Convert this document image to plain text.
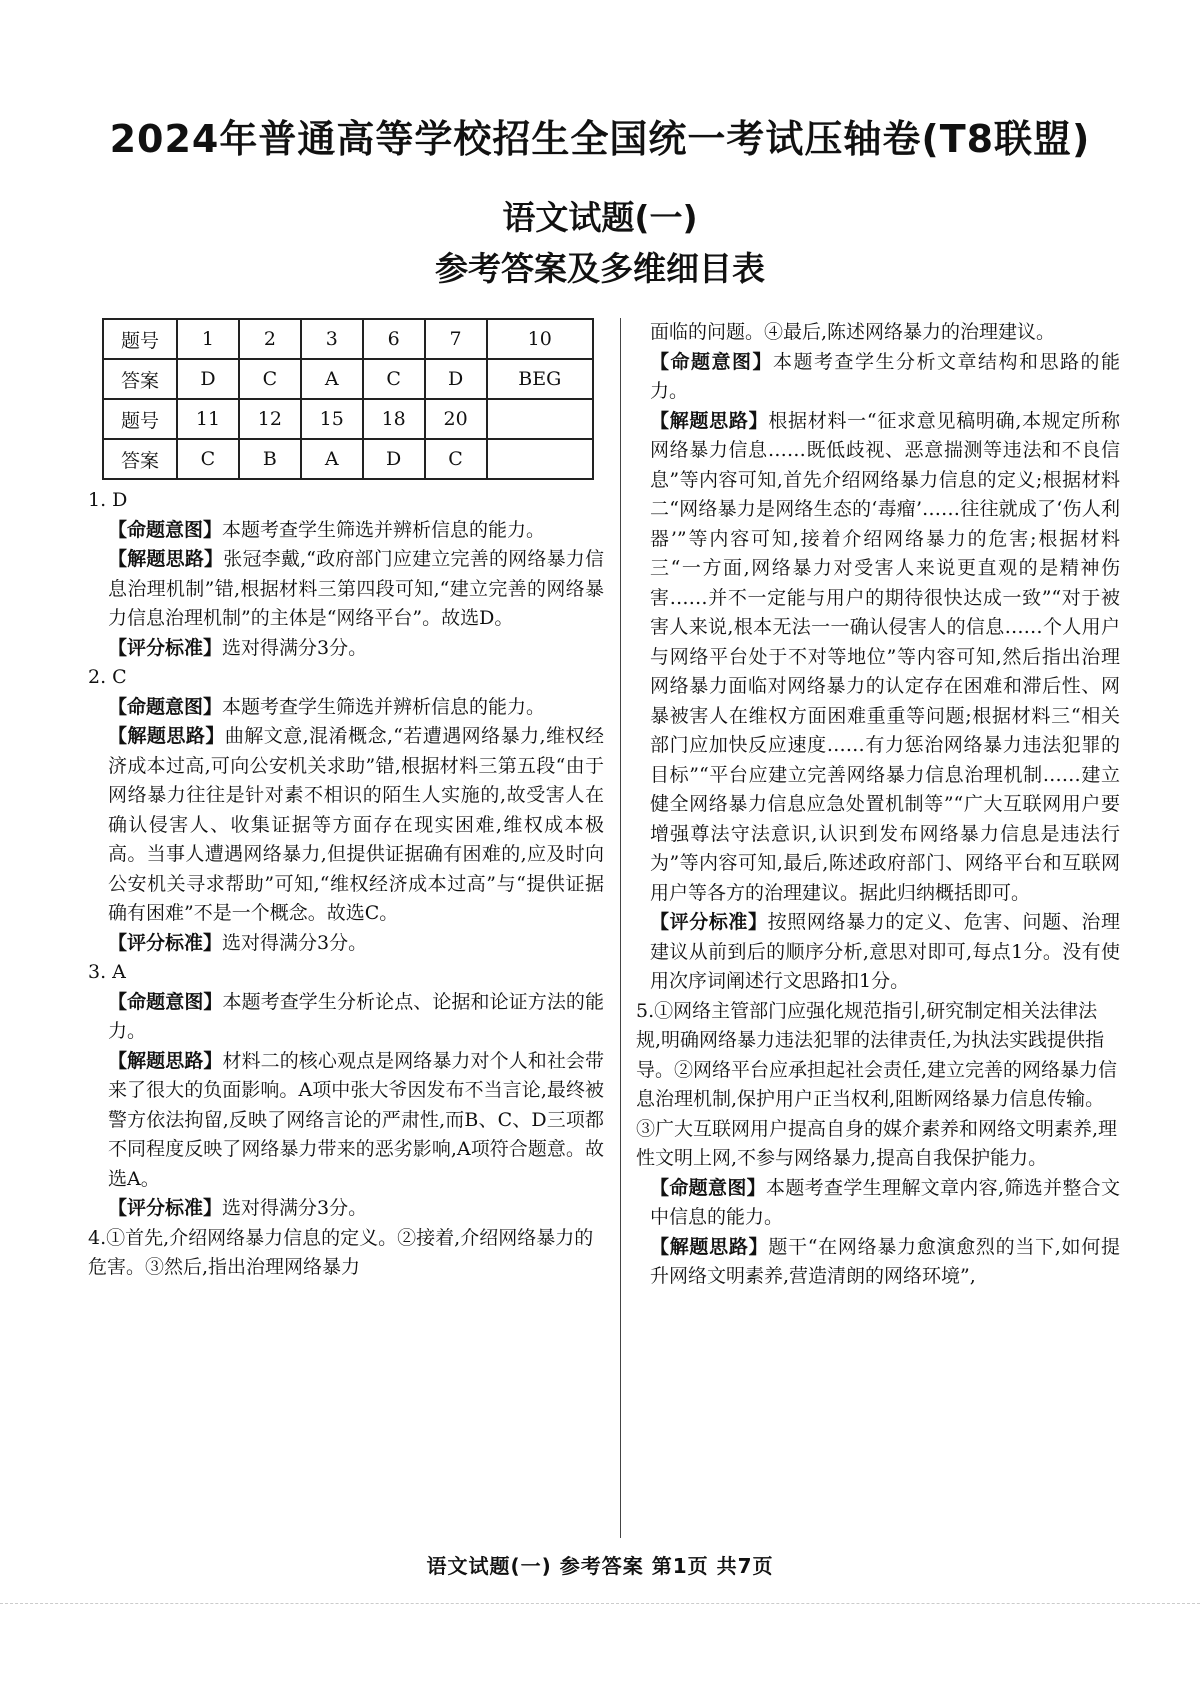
2024年普通高等学校招生全国统一考试压轴卷(T8联盟)
语文试题(一)
参考答案及多维细目表
题号	1	2	3	6	7	10
答案	D	C	A	C	D	BEG
题号	11	12	15	18	20	
答案	C	B	A	D	C	

1. D

【命题意图】本题考查学生筛选并辨析信息的能力。

【解题思路】张冠李戴,“政府部门应建立完善的网络暴力信息治理机制”错,根据材料三第四段可知,“建立完善的网络暴力信息治理机制”的主体是“网络平台”。故选D。

【评分标准】选对得满分3分。

2. C

【命题意图】本题考查学生筛选并辨析信息的能力。

【解题思路】曲解文意,混淆概念,“若遭遇网络暴力,维权经济成本过高,可向公安机关求助”错,根据材料三第五段“由于网络暴力往往是针对素不相识的陌生人实施的,故受害人在确认侵害人、收集证据等方面存在现实困难,维权成本极高。当事人遭遇网络暴力,但提供证据确有困难的,应及时向公安机关寻求帮助”可知,“维权经济成本过高”与“提供证据确有困难”不是一个概念。故选C。

【评分标准】选对得满分3分。

3. A

【命题意图】本题考查学生分析论点、论据和论证方法的能力。

【解题思路】材料二的核心观点是网络暴力对个人和社会带来了很大的负面影响。A项中张大爷因发布不当言论,最终被警方依法拘留,反映了网络言论的严肃性,而B、C、D三项都不同程度反映了网络暴力带来的恶劣影响,A项符合题意。故选A。

【评分标准】选对得满分3分。

4.①首先,介绍网络暴力信息的定义。②接着,介绍网络暴力的危害。③然后,指出治理网络暴力

面临的问题。④最后,陈述网络暴力的治理建议。

【命题意图】本题考查学生分析文章结构和思路的能力。

【解题思路】根据材料一“征求意见稿明确,本规定所称网络暴力信息……既低歧视、恶意揣测等违法和不良信息”等内容可知,首先介绍网络暴力信息的定义;根据材料二“网络暴力是网络生态的‘毒瘤’……往往就成了‘伤人利器’”等内容可知,接着介绍网络暴力的危害;根据材料三“一方面,网络暴力对受害人来说更直观的是精神伤害……并不一定能与用户的期待很快达成一致”“对于被害人来说,根本无法一一确认侵害人的信息……个人用户与网络平台处于不对等地位”等内容可知,然后指出治理网络暴力面临对网络暴力的认定存在困难和滞后性、网暴被害人在维权方面困难重重等问题;根据材料三“相关部门应加快反应速度……有力惩治网络暴力违法犯罪的目标”“平台应建立完善网络暴力信息治理机制……建立健全网络暴力信息应急处置机制等”“广大互联网用户要增强尊法守法意识,认识到发布网络暴力信息是违法行为”等内容可知,最后,陈述政府部门、网络平台和互联网用户等各方的治理建议。据此归纳概括即可。

【评分标准】按照网络暴力的定义、危害、问题、治理建议从前到后的顺序分析,意思对即可,每点1分。没有使用次序词阐述行文思路扣1分。

5.①网络主管部门应强化规范指引,研究制定相关法律法规,明确网络暴力违法犯罪的法律责任,为执法实践提供指导。②网络平台应承担起社会责任,建立完善的网络暴力信息治理机制,保护用户正当权利,阻断网络暴力信息传输。③广大互联网用户提高自身的媒介素养和网络文明素养,理性文明上网,不参与网络暴力,提高自我保护能力。

【命题意图】本题考查学生理解文章内容,筛选并整合文中信息的能力。

【解题思路】题干“在网络暴力愈演愈烈的当下,如何提升网络文明素养,营造清朗的网络环境”,

语文试题(一) 参考答案 第1页 共7页
